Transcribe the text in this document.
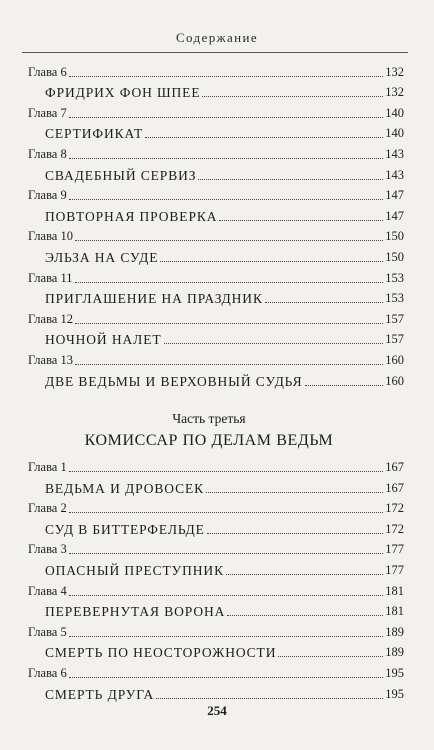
Содержание
Глава 6	132
ФРИДРИХ ФОН ШПЕЕ	132
Глава 7	140
СЕРТИФИКАТ	140
Глава 8	143
СВАДЕБНЫЙ СЕРВИЗ	143
Глава 9	147
ПОВТОРНАЯ ПРОВЕРКА	147
Глава 10	150
ЭЛЬЗА НА СУДЕ	150
Глава 11	153
ПРИГЛАШЕНИЕ НА ПРАЗДНИК	153
Глава 12	157
НОЧНОЙ НАЛЕТ	157
Глава 13	160
ДВЕ ВЕДЬМЫ И ВЕРХОВНЫЙ СУДЬЯ	160
Часть третья
КОМИССАР ПО ДЕЛАМ ВЕДЬМ
Глава 1	167
ВЕДЬМА И ДРОВОСЕК	167
Глава 2	172
СУД В БИТТЕРФЕЛЬДЕ	172
Глава 3	177
ОПАСНЫЙ ПРЕСТУПНИК	177
Глава 4	181
ПЕРЕВЕРНУТАЯ ВОРОНА	181
Глава 5	189
СМЕРТЬ ПО НЕОСТОРОЖНОСТИ	189
Глава 6	195
СМЕРТЬ ДРУГА	195
254
